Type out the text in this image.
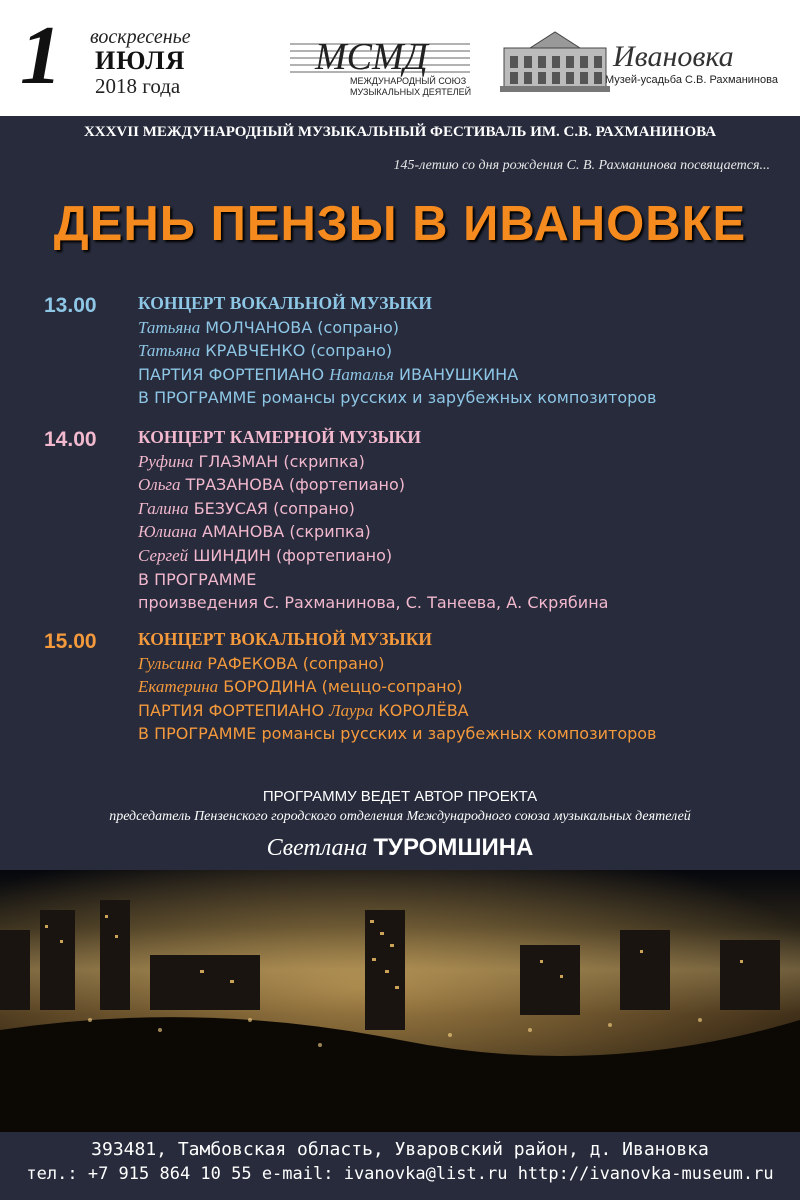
1 воскресенье
ИЮЛЯ
2018 года
МСМД
МЕЖДУНАРОДНЫЙ СОЮЗ
МУЗЫКАЛЬНЫХ ДЕЯТЕЛЕЙ
Ивановка
Музей-усадьба С.В. Рахманинова
XXXVII МЕЖДУНАРОДНЫЙ МУЗЫКАЛЬНЫЙ ФЕСТИВАЛЬ ИМ. С.В. РАХМАНИНОВА
145-летию со дня рождения С. В. Рахманинова посвящается...
ДЕНЬ ПЕНЗЫ В ИВАНОВКЕ
13.00 КОНЦЕРТ ВОКАЛЬНОЙ МУЗЫКИ
Татьяна МОЛЧАНОВА (сопрано)
Татьяна КРАВЧЕНКО (сопрано)
ПАРТИЯ ФОРТЕПИАНО Наталья ИВАНУШКИНА
В ПРОГРАММЕ романсы русских и зарубежных композиторов
14.00 КОНЦЕРТ КАМЕРНОЙ МУЗЫКИ
Руфина ГЛАЗМАН (скрипка)
Ольга ТРАЗАНОВА (фортепиано)
Галина БЕЗУСАЯ (сопрано)
Юлиана АМАНОВА (скрипка)
Сергей ШИНДИН (фортепиано)
В ПРОГРАММЕ
произведения С. Рахманинова, С. Танеева, А. Скрябина
15.00 КОНЦЕРТ ВОКАЛЬНОЙ МУЗЫКИ
Гульсина РАФЕКОВА (сопрано)
Екатерина БОРОДИНА (меццо-сопрано)
ПАРТИЯ ФОРТЕПИАНО Лаура КОРОЛЁВА
В ПРОГРАММЕ романсы русских и зарубежных композиторов
ПРОГРАММУ ВЕДЕТ АВТОР ПРОЕКТА
председатель Пензенского городского отделения Международного союза музыкальных деятелей
Светлана ТУРОМШИНА
393481, Тамбовская область, Уваровский район, д. Ивановка
тел.: +7 915 864 10 55 e-mail: ivanovka@list.ru http://ivanovka-museum.ru
